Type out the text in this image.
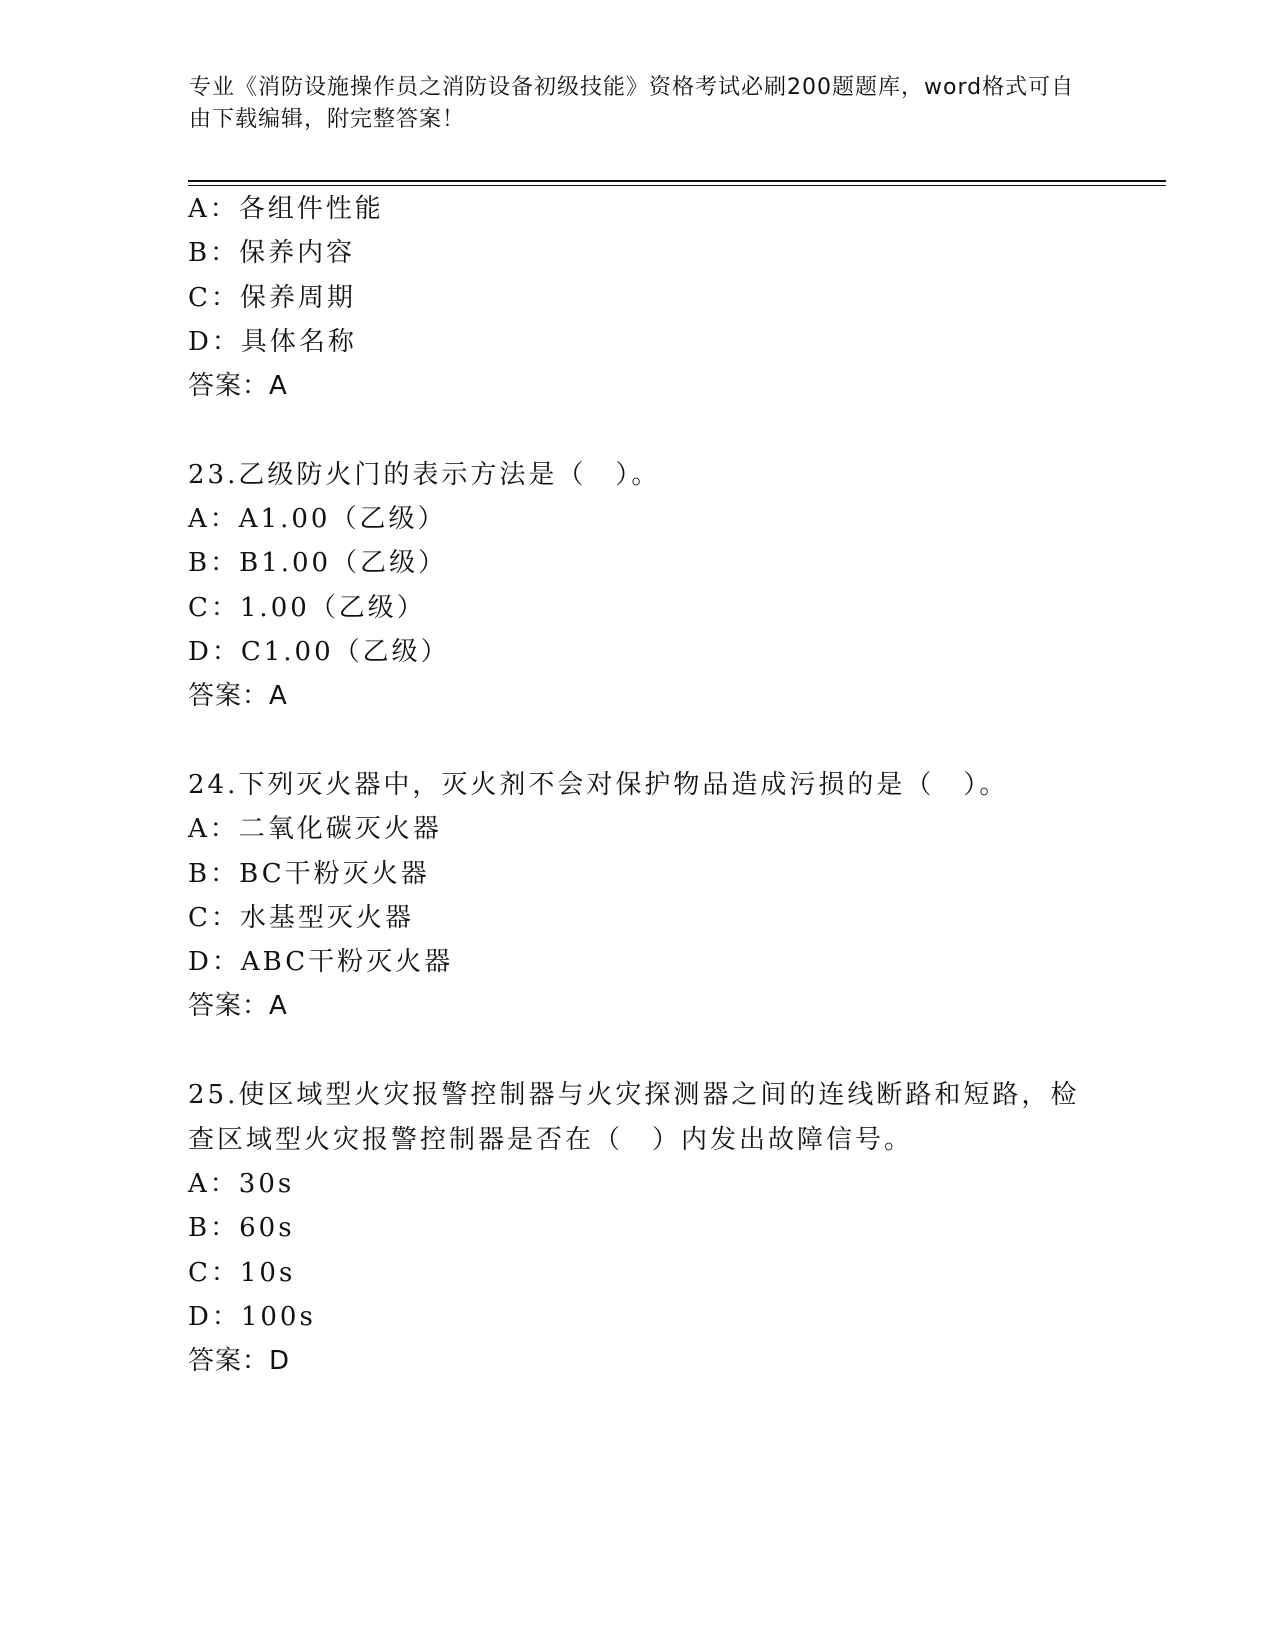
专业《消防设施操作员之消防设备初级技能》资格考试必刷200题题库，word格式可自由下载编辑，附完整答案！
A：各组件性能
B：保养内容
C：保养周期
D：具体名称
答案：A
23.乙级防火门的表示方法是（　）。
A：A1.00（乙级）
B：B1.00（乙级）
C：1.00（乙级）
D：C1.00（乙级）
答案：A
24.下列灭火器中，灭火剂不会对保护物品造成污损的是（　）。
A：二氧化碳灭火器
B：BC干粉灭火器
C：水基型灭火器
D：ABC干粉灭火器
答案：A
25.使区域型火灾报警控制器与火灾探测器之间的连线断路和短路，检
查区域型火灾报警控制器是否在（　）内发出故障信号。
A：30s
B：60s
C：10s
D：100s
答案：D
